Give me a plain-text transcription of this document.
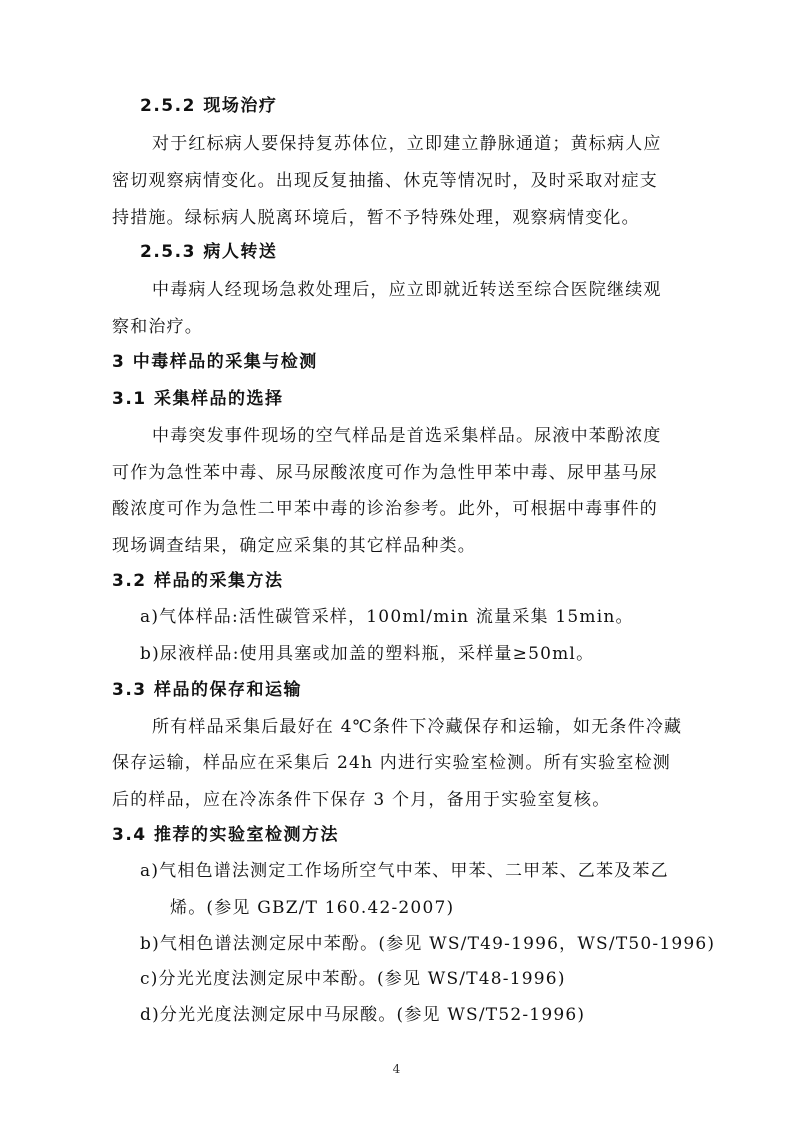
2.5.2 现场治疗
对于红标病人要保持复苏体位，立即建立静脉通道；黄标病人应
密切观察病情变化。出现反复抽搐、休克等情况时，及时采取对症支
持措施。绿标病人脱离环境后，暂不予特殊处理，观察病情变化。
2.5.3 病人转送
中毒病人经现场急救处理后，应立即就近转送至综合医院继续观
察和治疗。
3 中毒样品的采集与检测
3.1 采集样品的选择
中毒突发事件现场的空气样品是首选采集样品。尿液中苯酚浓度
可作为急性苯中毒、尿马尿酸浓度可作为急性甲苯中毒、尿甲基马尿
酸浓度可作为急性二甲苯中毒的诊治参考。此外，可根据中毒事件的
现场调查结果，确定应采集的其它样品种类。
3.2 样品的采集方法
a)气体样品:活性碳管采样，100ml/min 流量采集 15min。
b)尿液样品:使用具塞或加盖的塑料瓶，采样量≥50ml。
3.3 样品的保存和运输
所有样品采集后最好在 4℃条件下冷藏保存和运输，如无条件冷藏
保存运输，样品应在采集后 24h 内进行实验室检测。所有实验室检测
后的样品，应在冷冻条件下保存 3 个月，备用于实验室复核。
3.4 推荐的实验室检测方法
a)气相色谱法测定工作场所空气中苯、甲苯、二甲苯、乙苯及苯乙
烯。(参见 GBZ/T 160.42-2007)
b)气相色谱法测定尿中苯酚。(参见 WS/T49-1996，WS/T50-1996)
c)分光光度法测定尿中苯酚。(参见 WS/T48-1996)
d)分光光度法测定尿中马尿酸。(参见 WS/T52-1996)
4
